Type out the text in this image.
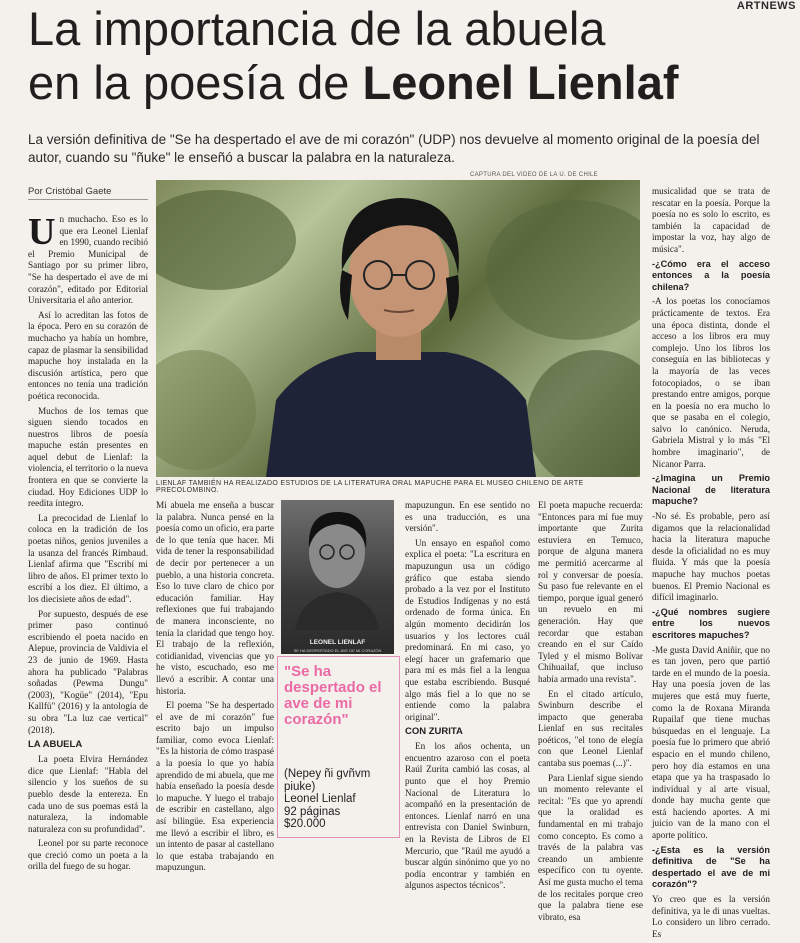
ARTNEWS
La importancia de la abuela
en la poesía de Leonel Lienlaf

La versión definitiva de "Se ha despertado el ave de mi corazón" (UDP) nos devuelve al momento original de la poesía del autor, cuando su "ñuke" le enseñó a buscar la palabra en la naturaleza.

Por Cristóbal Gaete

Un muchacho. Eso es lo que era Leonel Lienlaf en 1990, cuando recibió el Premio Municipal de Santiago por su primer libro, "Se ha despertado el ave de mi corazón", editado por Editorial Universitaria el año anterior.

Así lo acreditan las fotos de la época. Pero en su corazón de muchacho ya había un hombre, capaz de plasmar la sensibilidad mapuche hoy instalada en la discusión artística, pero que entonces no tenía una tradición poética reconocida.

Muchos de los temas que siguen siendo tocados en nuestros libros de poesía mapuche están presentes en aquel debut de Lienlaf: la violencia, el territorio o la nueva frontera en que se convierte la ciudad. Hoy Ediciones UDP lo reedita íntegro.

La precocidad de Lienlaf lo coloca en la tradición de los poetas niños, genios juveniles a la usanza del francés Rimbaud. Lienlaf afirma que "Escribí mi libro de años. El primer texto lo escribí a los diez. El último, a los diecisiete años de edad".

Por supuesto, después de ese primer paso continuó escribiendo el poeta nacido en Alepue, provincia de Valdivia el 23 de junio de 1969. Hasta ahora ha publicado "Palabras soñadas (Pewma Dungu" (2003), "Kogüe" (2014), "Epu Kallfü" (2016) y la antología de su obra "La luz cae vertical" (2018).

LA ABUELA

La poeta Elvira Hernández dice que Lienlaf: "Habla del silencio y los sueños de su pueblo desde la entereza. En cada uno de sus poemas está la naturaleza, la indomable naturaleza con su profundidad".

Leonel por su parte reconoce que creció como un poeta a la orilla del fuego de su hogar.

CAPTURA DEL VIDEO DE LA U. DE CHILE
LIENLAF TAMBIÉN HA REALIZADO ESTUDIOS DE LA LITERATURA ORAL MAPUCHE PARA EL MUSEO CHILENO DE ARTE PRECOLOMBINO.

Mi abuela me enseña a buscar la palabra. Nunca pensé en la poesía como un oficio, era parte de lo que tenía que hacer. Mi vida de tener la responsabilidad de decir por pertenecer a un pueblo, a una historia concreta. Eso lo tuve claro de chico por educación familiar. Hay reflexiones que fui trabajando de manera inconsciente, no tenía la claridad que tengo hoy. El trabajo de la reflexión, cotidianidad, vivencias que yo he visto, escuchado, eso me llevó a escribir. A contar una historia.

El poema "Se ha despertado el ave de mi corazón" fue escrito bajo un impulso familiar, como evoca Lienlaf: "Es la historia de cómo traspasé a la poesía lo que yo había aprendido de mi abuela, que me había enseñado la poesía desde lo mapuche. Y luego el trabajo de escribir en castellano, algo así bilingüe. Esa experiencia me llevó a escribir el libro, es un intento de pasar al castellano lo que estaba trabajando en mapuzungun.

LEONEL LIENLAF
SE HA DESPERTADO EL AVE DE MI CORAZÓN
"Se ha despertado el ave de mi corazón"
(Nepey ñi gvñvm piuke)
Leonel Lienlaf
92 páginas
$20.000

mapuzungun. En ese sentido no es una traducción, es una versión".

Un ensayo en español como explica el poeta: "La escritura en mapuzungun usa un código gráfico que estaba siendo probado a la vez por el Instituto de Estudios Indígenas y no está ordenado de forma única. En algún momento decidirán los usuarios y los lectores cuál predominará. En mi caso, yo elegí hacer un grafemario que para mí es más fiel a la lengua que estaba escribiendo. Busqué algo más fiel a lo que no se entiende como la palabra original".

CON ZURITA

En los años ochenta, un encuentro azaroso con el poeta Raúl Zurita cambió las cosas, al punto que el hoy Premio Nacional de Literatura lo acompañó en la presentación de entonces. Lienlaf narró en una entrevista con Daniel Swinburn, en la Revista de Libros de El Mercurio, que "Raúl me ayudó a buscar algún sinónimo que yo no podía encontrar y también en algunos aspectos técnicos".

El poeta mapuche recuerda: "Entonces para mí fue muy importante que Zurita estuviera en Temuco, porque de alguna manera me permitió acercarme al rol y conversar de poesía. Su paso fue relevante en el tiempo, porque igual generó un revuelo en mi generación. Hay que recordar que estaban creando en el sur Caído Tyled y el mismo Bolívar Chihuailaf, que incluso había armado una revista".

En el citado artículo, Swinburn describe el impacto que generaba Lienlaf en sus recitales poéticos, "el tono de elegía con que Leonel Lienlaf cantaba sus poemas (...)".

Para Lienlaf sigue siendo un momento relevante el recital: "Es que yo aprendí que la oralidad es fundamental en mi trabajo como concepto. Es como a través de la palabra vas creando un ambiente específico con tu oyente. Así me gusta mucho el tema de los recitales porque creo que la palabra tiene ese vibrato, esa

musicalidad que se trata de rescatar en la poesía. Porque la poesía no es solo lo escrito, es también la capacidad de impostar la voz, hay algo de música".

-¿Cómo era el acceso entonces a la poesía chilena?

-A los poetas los conocíamos prácticamente de textos. Era una época distinta, donde el acceso a los libros era muy complejo. Uno los libros los conseguía en las bibliotecas y la mayoría de las veces fotocopiados, o se iban prestando entre amigos, porque en la poesía no era mucho lo que se pasaba en el colegio, salvo lo canónico. Neruda, Gabriela Mistral y lo más "El hombre imaginario", de Nicanor Parra.

-¿Imagina un Premio Nacional de literatura mapuche?

-No sé. Es probable, pero así digamos que la relacionalidad hacia la literatura mapuche desde la oficialidad no es muy fluida. Y más que la poesía mapuche hay muchos poetas buenos. El Premio Nacional es difícil imaginarlo.

-¿Qué nombres sugiere entre los nuevos escritores mapuches?

-Me gusta David Aniñir, que no es tan joven, pero que partió tarde en el mundo de la poesía. Hay una poesía joven de las mujeres que está muy fuerte, como la de Roxana Miranda Rupailaf que tiene muchas búsquedas en el lenguaje. La poesía fue lo primero que abrió espacio en el mundo chileno, pero hoy día estamos en una etapa que ya ha traspasado lo individual y al arte visual, donde hay mucha gente que está haciendo aportes. A mi juicio van de la mano con el aporte político.

-¿Esta es la versión definitiva de "Se ha despertado el ave de mi corazón"?

Yo creo que es la versión definitiva, ya le di unas vueltas. Lo considero un libro cerrado. Es
